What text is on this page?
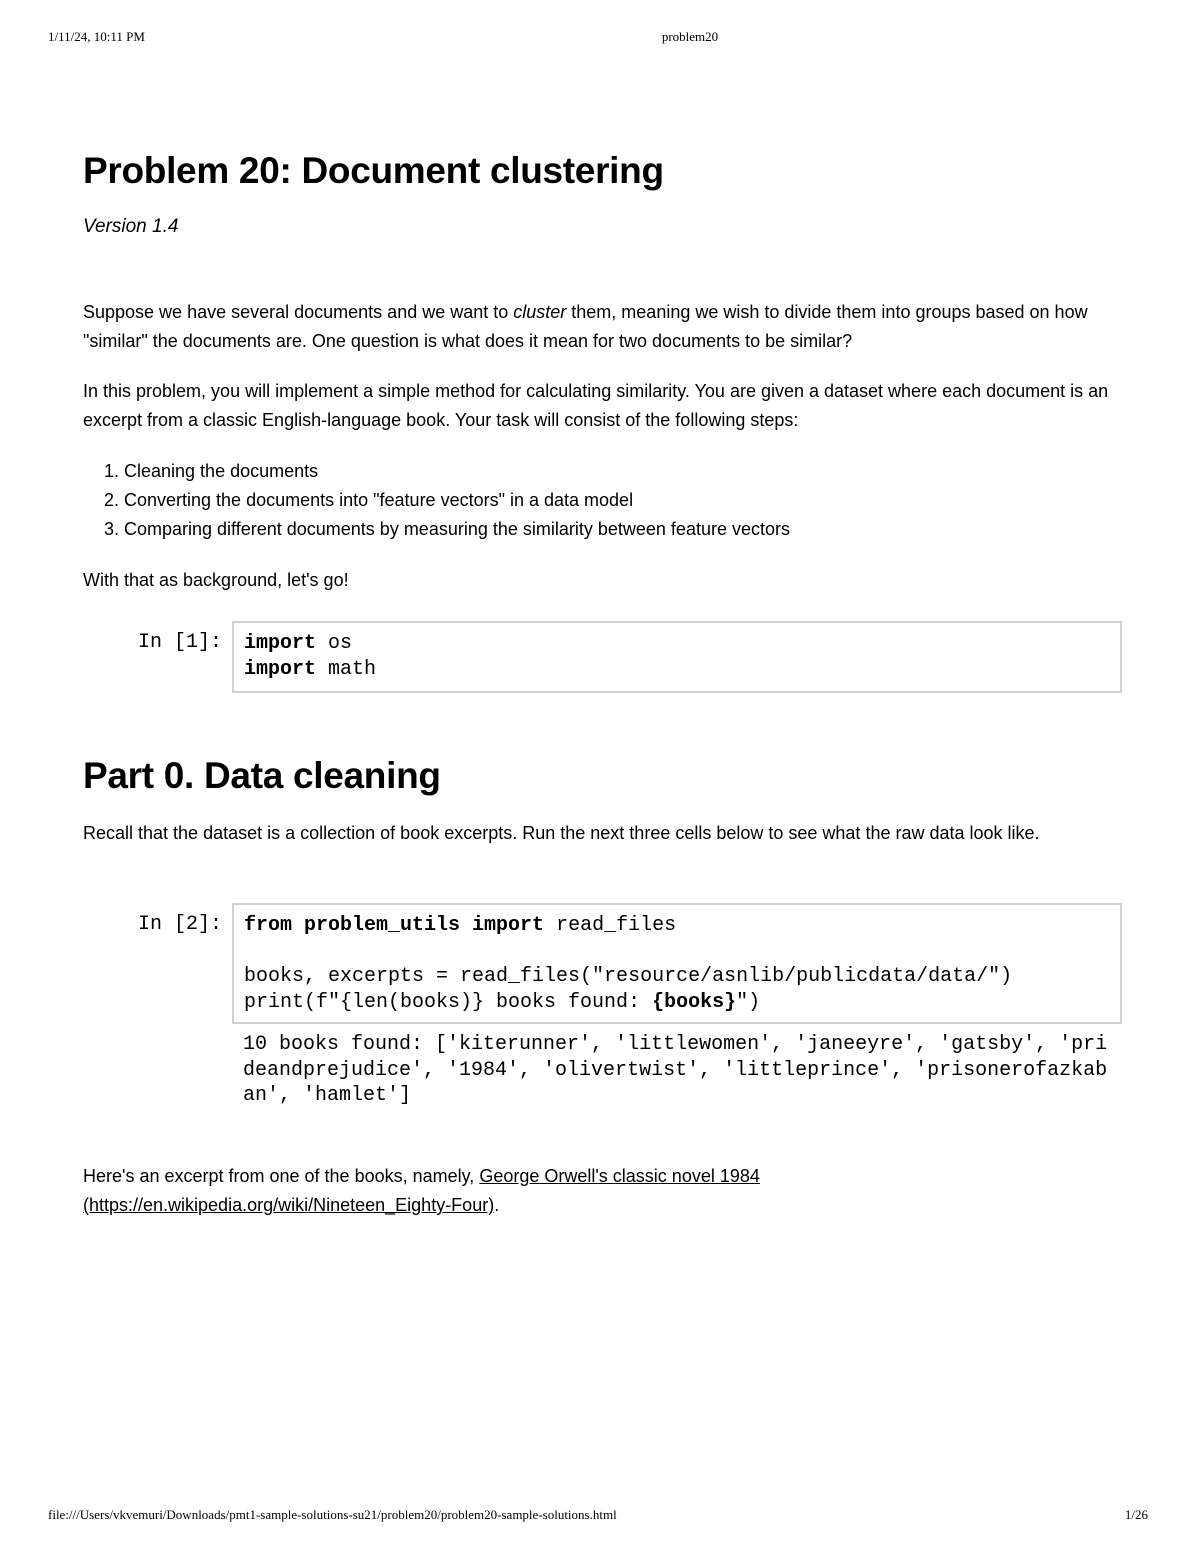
1/11/24, 10:11 PM	problem20
Problem 20: Document clustering
Version 1.4

Suppose we have several documents and we want to cluster them, meaning we wish to divide them into groups based on how "similar" the documents are. One question is what does it mean for two documents to be similar?

In this problem, you will implement a simple method for calculating similarity. You are given a dataset where each document is an excerpt from a classic English-language book. Your task will consist of the following steps:

1. Cleaning the documents
2. Converting the documents into "feature vectors" in a data model
3. Comparing different documents by measuring the similarity between feature vectors

With that as background, let's go!

Recall that the dataset is a collection of book excerpts. Run the next three cells below to see what the raw data look like.

Here's an excerpt from one of the books, namely, George Orwell's classic novel 1984 (https://en.wikipedia.org/wiki/Nineteen_Eighty-Four).

In [1]:	import os
import math
Part 0. Data cleaning
In [2]:	from problem_utils import read_files

books, excerpts = read_files("resource/asnlib/publicdata/data/")
print(f"{len(books)} books found: {books}")
10 books found: ['kiterunner', 'littlewomen', 'janeeyre', 'gatsby', 'prideandprejudice', '1984', 'olivertwist', 'littleprince', 'prisonerofazkaban', 'hamlet']
file:///Users/vkvemuri/Downloads/pmt1-sample-solutions-su21/problem20/problem20-sample-solutions.html	1/26
